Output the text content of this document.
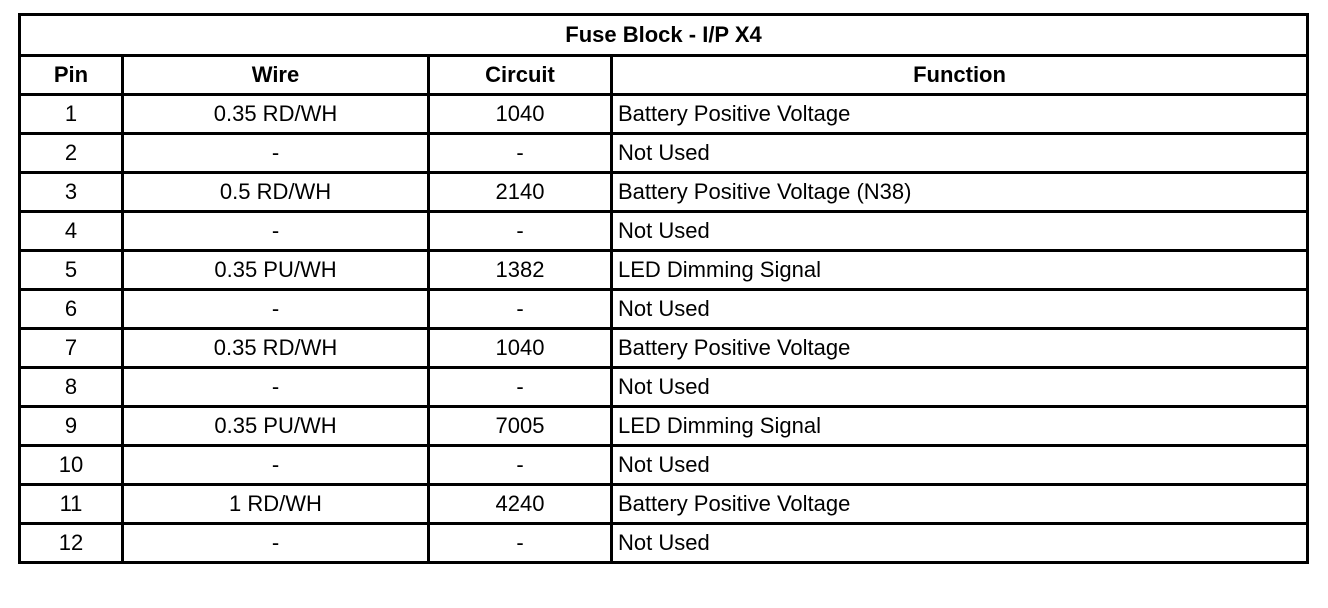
Fuse Block - I/P X4			
Pin	Wire	Circuit	Function
1	0.35 RD/WH	1040	Battery Positive Voltage
2	-	-	Not Used
3	0.5 RD/WH	2140	Battery Positive Voltage (N38)
4	-	-	Not Used
5	0.35 PU/WH	1382	LED Dimming Signal
6	-	-	Not Used
7	0.35 RD/WH	1040	Battery Positive Voltage
8	-	-	Not Used
9	0.35 PU/WH	7005	LED Dimming Signal
10	-	-	Not Used
11	1 RD/WH	4240	Battery Positive Voltage
12	-	-	Not Used
